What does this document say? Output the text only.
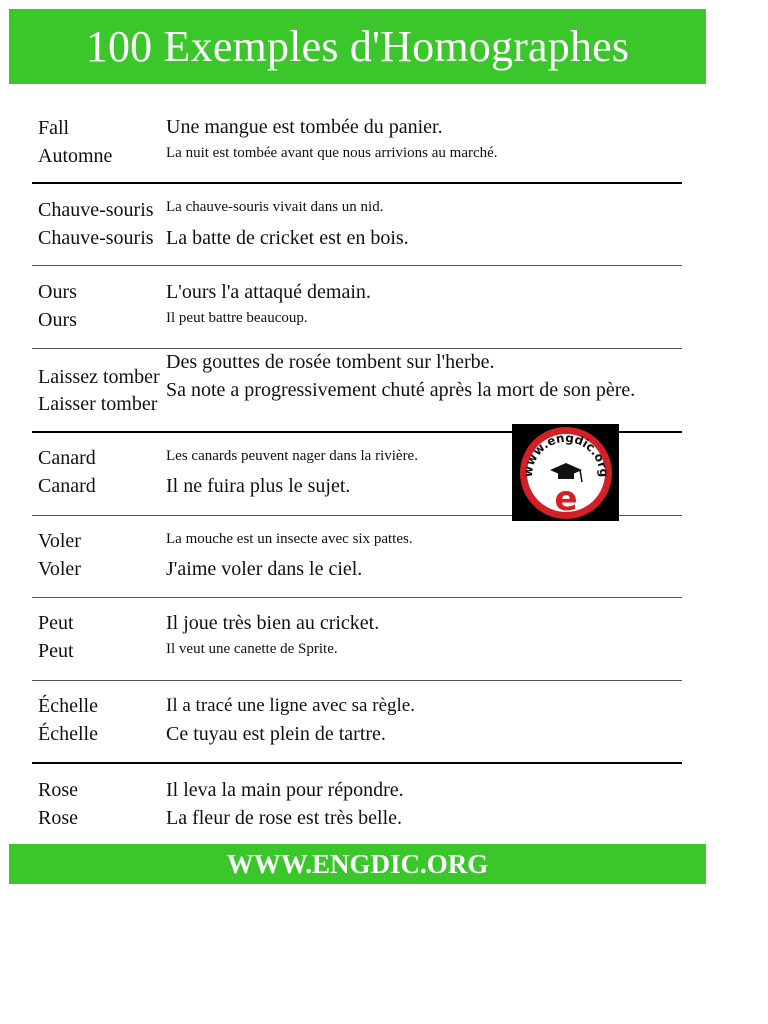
100 Exemples d'Homographes
Fall
Automne
Une mangue est tombée du panier.
La nuit est tombée avant que nous arrivions au marché.
Chauve-souris
Chauve-souris
La chauve-souris vivait dans un nid.
La batte de cricket est en bois.
Ours
Ours
L'ours l'a attaqué demain.
Il peut battre beaucoup.
Laissez tomber
Laisser tomber
Des gouttes de rosée tombent sur l'herbe.
Sa note a progressivement chuté après la mort de son père.
Canard
Canard
Les canards peuvent nager dans la rivière.
Il ne fuira plus le sujet.
Voler
Voler
La mouche est un insecte avec six pattes.
J'aime voler dans le ciel.
Peut
Peut
Il joue très bien au cricket.
Il veut une canette de Sprite.
Échelle
Échelle
Il a tracé une ligne avec sa règle.
Ce tuyau est plein de tartre.
Rose
Rose
Il leva la main pour répondre.
La fleur de rose est très belle.
www.engdic.org
e
WWW.ENGDIC.ORG
